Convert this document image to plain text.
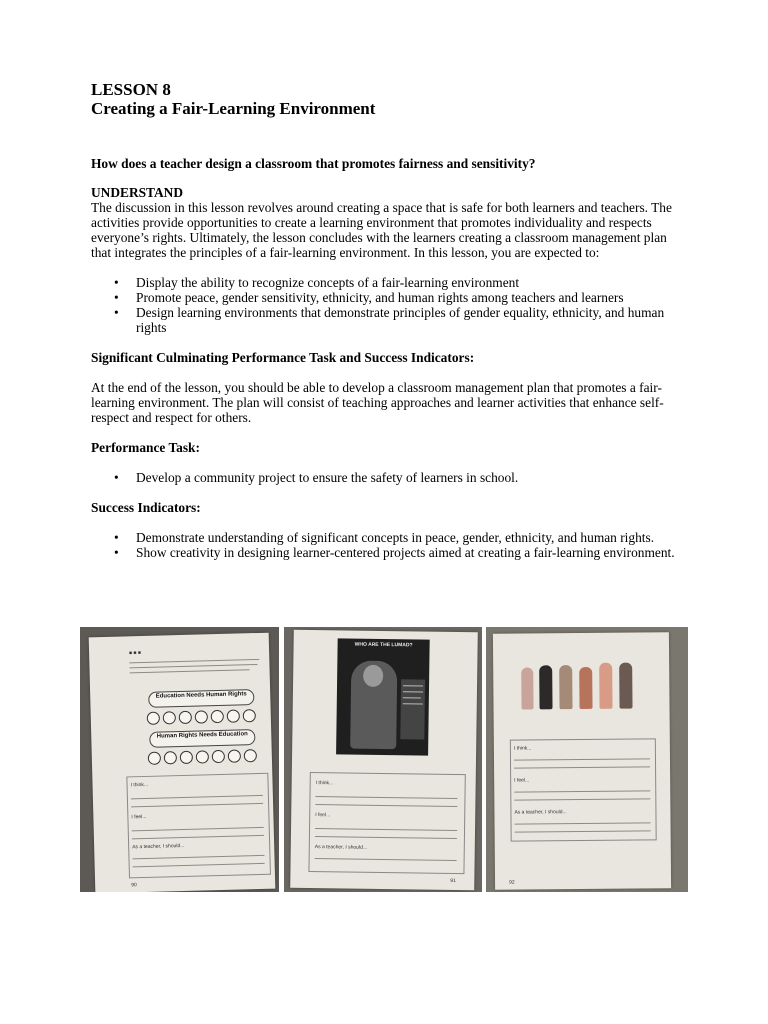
LESSON 8

Creating a Fair-Learning Environment

How does a teacher design a classroom that promotes fairness and sensitivity?

UNDERSTAND

The discussion in this lesson revolves around creating a space that is safe for both learners and teachers. The activities provide opportunities to create a learning environment that promotes individuality and respects everyone’s rights. Ultimately, the lesson concludes with the learners creating a classroom management plan that integrates the principles of a fair-learning environment. In this lesson, you are expected to:

• Display the ability to recognize concepts of a fair-learning environment
• Promote peace, gender sensitivity, ethnicity, and human rights among teachers and learners
• Design learning environments that demonstrate principles of gender equality, ethnicity, and human rights

Significant Culminating Performance Task and Success Indicators:

At the end of the lesson, you should be able to develop a classroom management plan that promotes a fair-learning environment. The plan will consist of teaching approaches and learner activities that enhance self-respect and respect for others.

Performance Task:

• Develop a community project to ensure the safety of learners in school.

Success Indicators:

• Demonstrate understanding of significant concepts in peace, gender, ethnicity, and human rights.
• Show creativity in designing learner-centered projects aimed at creating a fair-learning environment.
■ ■ ■
Education Needs Human Rights
Human Rights Needs Education
I think...
I feel...
As a teacher, I should...
90
WHO ARE THE LUMAD?
I think...
I feel...
As a teacher, I should...
91
I think...
I feel...
As a teacher, I should...
92
